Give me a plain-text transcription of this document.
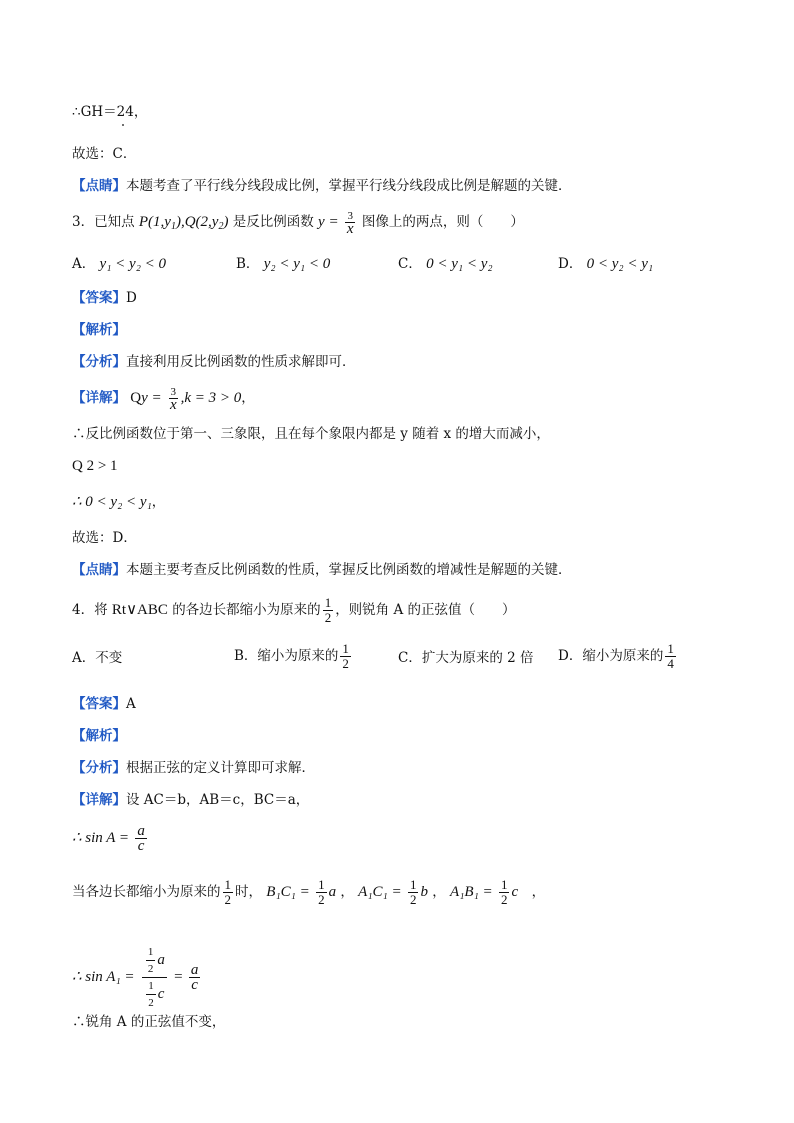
∴GH＝24，
故选：C．
【点睛】本题考查了平行线分线段成比例，掌握平行线分线段成比例是解题的关键．
3．已知点 $P(1,y_1),Q(2,y_2)$ 是反比例函数 $y = \frac{3}{x}$ 图像上的两点，则（　　）
A． y₁ < y₂ < 0	B． y₂ < y₁ < 0	C． 0 < y₁ < y₂	D． 0 < y₂ < y₁
【答案】D
【解析】
【分析】直接利用反比例函数的性质求解即可．
【详解】 $Qy = \frac{3}{x} ,k = 3 > 0$，
∴反比例函数位于第一、三象限，且在每个象限内都是 y 随着 x 的增大而减小，
Q 2 > 1
∴ 0 < y₂ < y₁，
故选：D．
【点睛】本题主要考查反比例函数的性质，掌握反比例函数的增减性是解题的关键．
4．将 Rt∨ABC 的各边长都缩小为原来的 $\frac{1}{2}$ ，则锐角 A 的正弦值（　　）
A．不变	B．缩小为原来的 $\frac{1}{2}$	C．扩大为原来的 2 倍 D．缩小为原来的 $\frac{1}{4}$
【答案】A
【解析】
【分析】根据正弦的定义计算即可求解．
【详解】设 AC＝b，AB＝c，BC＝a，
∴ $\sin A = \frac{a}{c}$
当各边长都缩小为原来的 $\frac{1}{2}$ 时， $B_1C_1 = \frac{1}{2}$ a ， $A_1C_1 = \frac{1}{2}$ b ， $A_1B_1 = \frac{1}{2}$ c　 ，
∴ $\sin A_1 = \frac{\frac{1}{2} a}{\frac{1}{2} c} = \frac{a}{c}$
∴锐角 A 的正弦值不变，
